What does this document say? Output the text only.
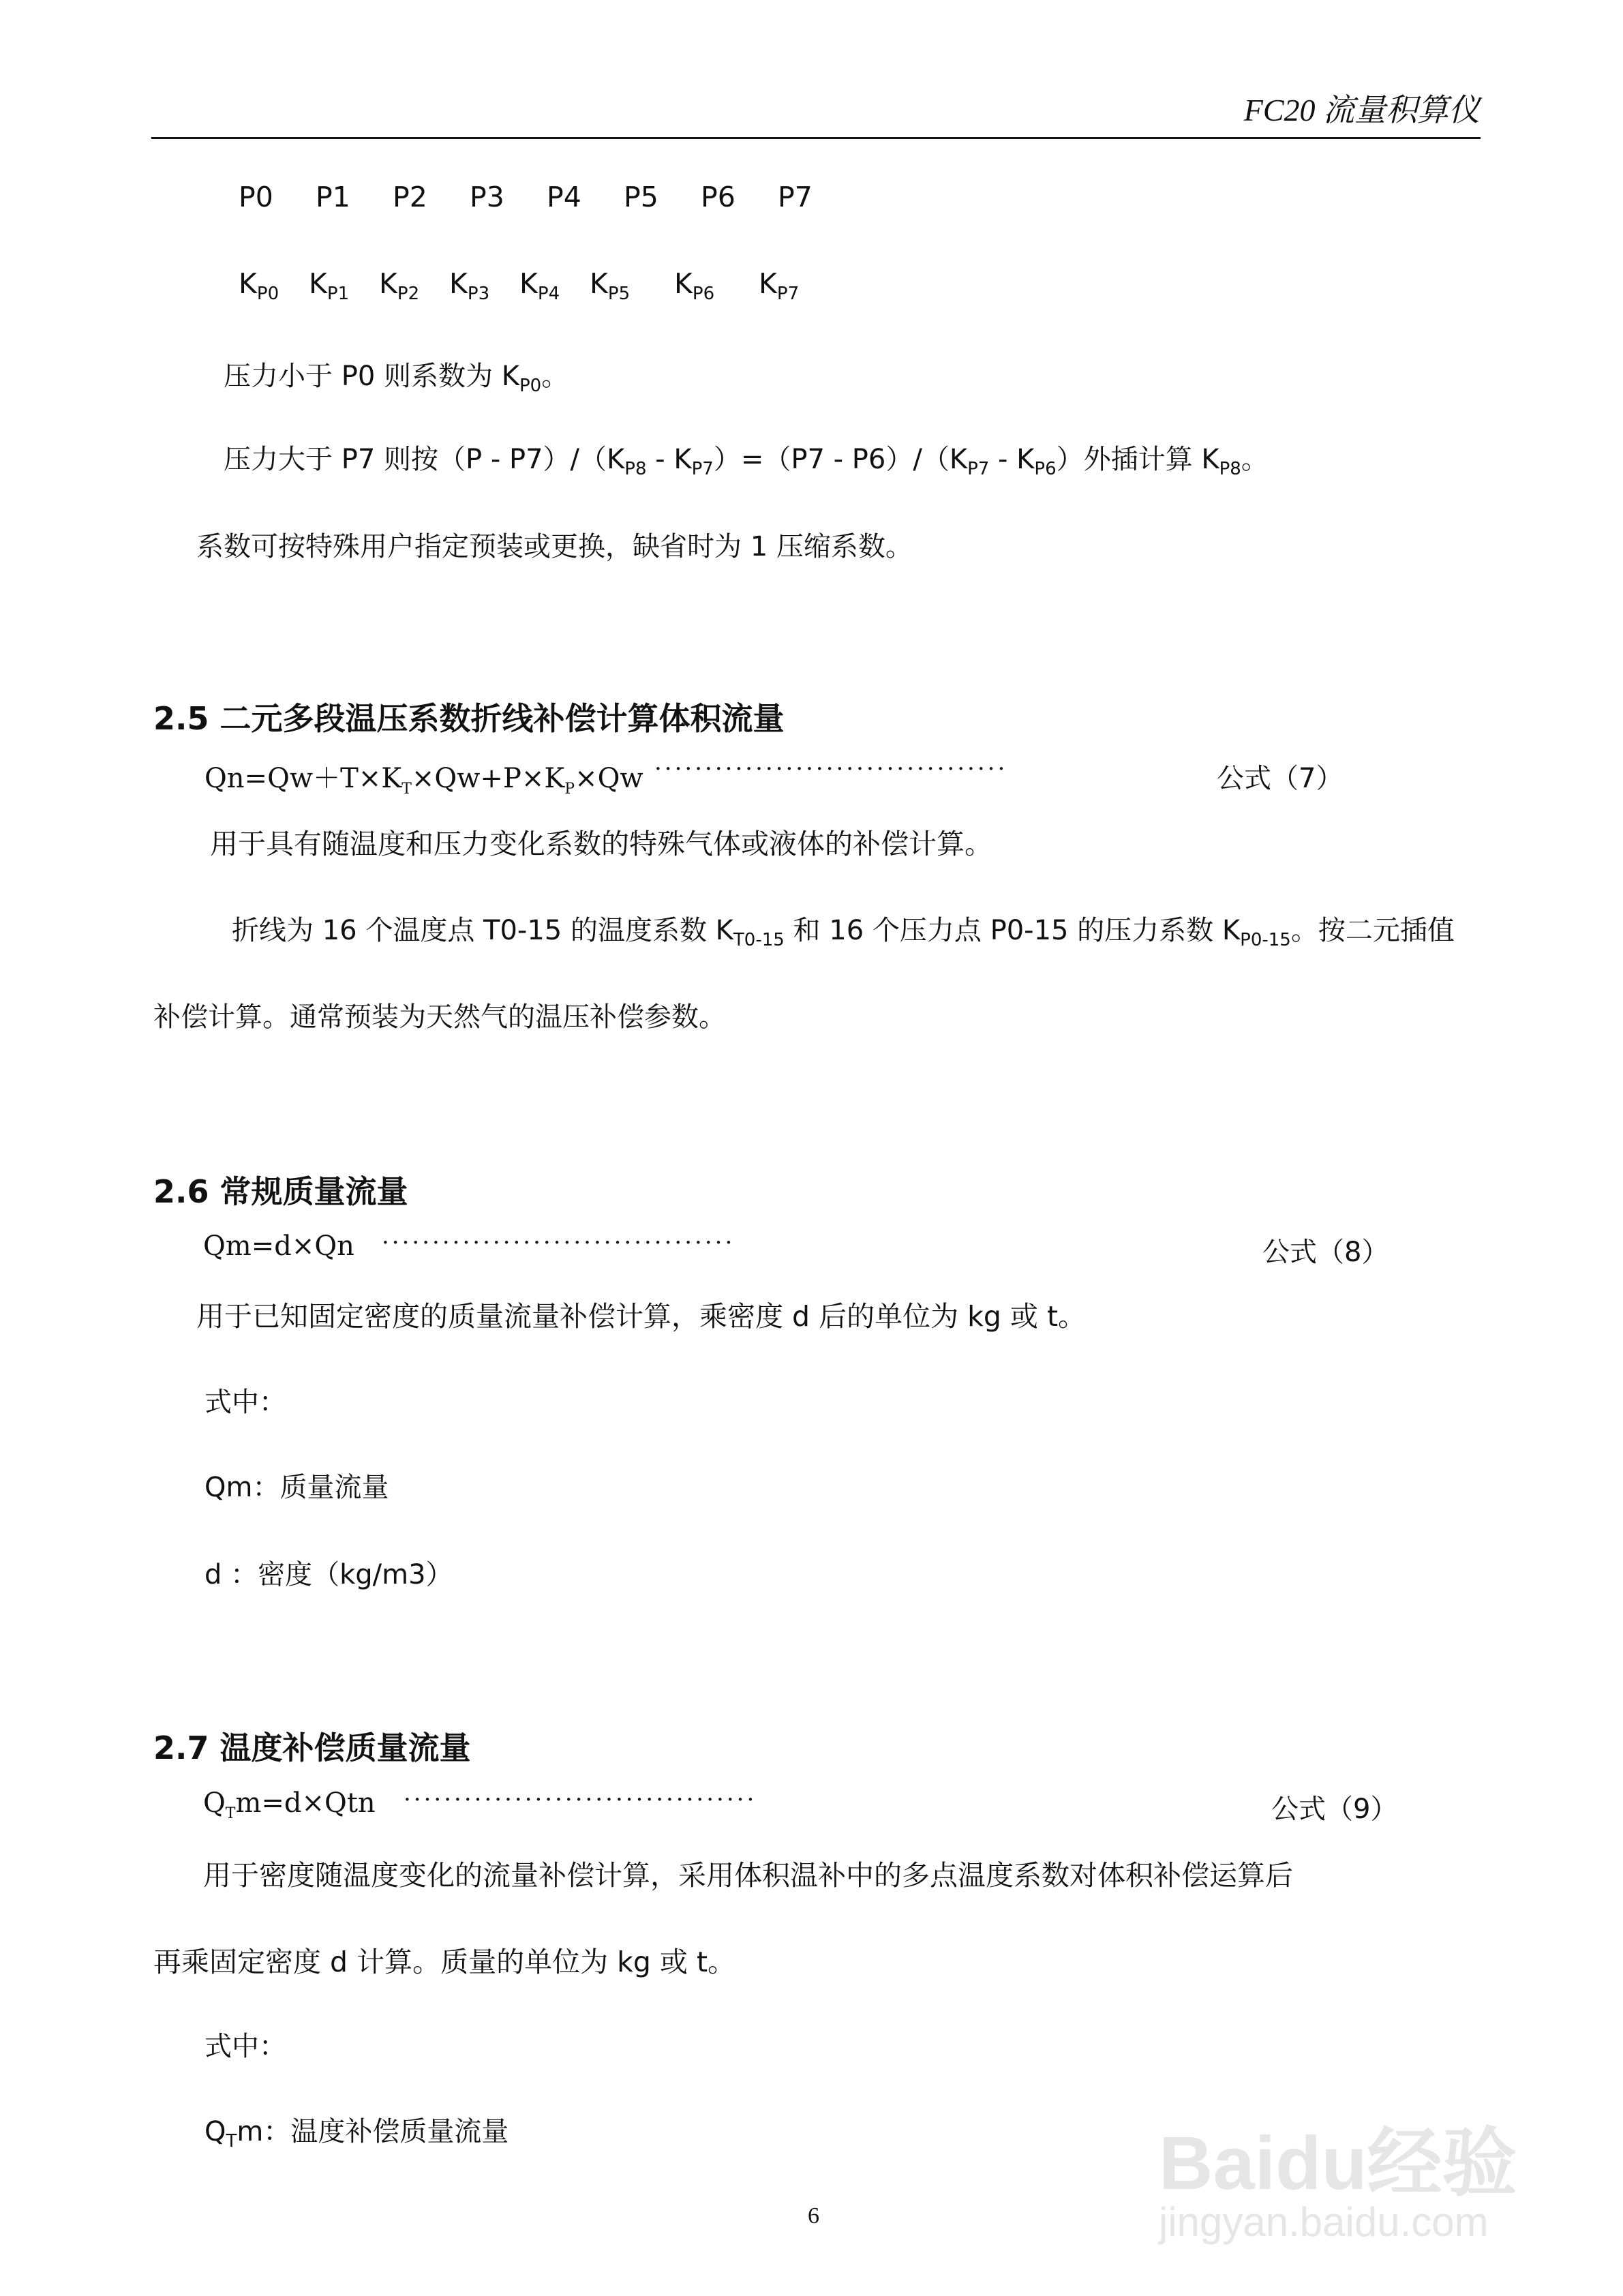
FC20 流量积算仪
P0 P1 P2 P3 P4 P5 P6 P7
KP0 KP1 KP2 KP3 KP4 KP5 KP6 KP7
压力小于 P0 则系数为 $K_{P0}$。
压力大于 P7 则按$(P - P7)/(K_{P8} - K_{P7})=(P7 - P6)/(K_{P7} - K_{P6})$外插计算 $K_{P8}$。
系数可按特殊用户指定预装或更换，缺省时为 1 压缩系数。
2.5 二元多段温压系数折线补偿计算体积流量
$Qn=Qw+T\times K_T\times Qw+P\times K_P\times Qw$ ···································	公式（7）
用于具有随温度和压力变化系数的特殊气体或液体的补偿计算。
折线为 16 个温度点 T0-15 的温度系数 $K_{T0-15}$ 和 16 个压力点 P0-15 的压力系数 $K_{P0-15}$。按二元插值
补偿计算。通常预装为天然气的温压补偿参数。
2.6 常规质量流量
Qm=d×Qn ···································	公式（8）
用于已知固定密度的质量流量补偿计算，乘密度 d 后的单位为 kg 或 t。
式中：
Qm：质量流量
d ：密度（kg/m3）
2.7 温度补偿质量流量
$Q_Tm=d\times Qtn$ ···································	公式（9）
用于密度随温度变化的流量补偿计算，采用体积温补中的多点温度系数对体积补偿运算后
再乘固定密度 d 计算。质量的单位为 kg 或 t。
式中：
$Q_Tm$：温度补偿质量流量
6
Baidu经验
jingyan.baidu.com
